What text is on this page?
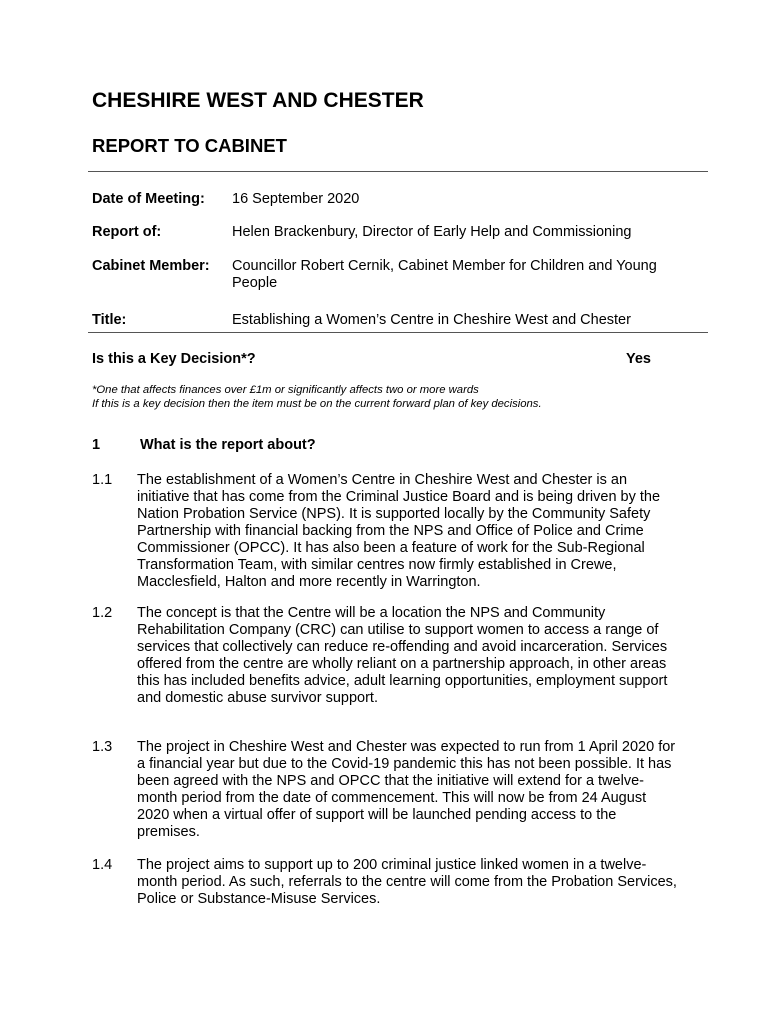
CHESHIRE WEST AND CHESTER
REPORT TO CABINET
Date of Meeting: 16 September 2020
Report of:	Helen Brackenbury, Director of Early Help and Commissioning
Cabinet Member: Councillor Robert Cernik, Cabinet Member for Children and Young People
Title:	Establishing a Women’s Centre in Cheshire West and Chester
Is this a Key Decision*?	Yes
*One that affects finances over £1m or significantly affects two or more wards
If this is a key decision then the item must be on the current forward plan of key decisions.
1	What is the report about?
1.1 The establishment of a Women’s Centre in Cheshire West and Chester is an initiative that has come from the Criminal Justice Board and is being driven by the Nation Probation Service (NPS). It is supported locally by the Community Safety Partnership with financial backing from the NPS and Office of Police and Crime Commissioner (OPCC). It has also been a feature of work for the Sub-Regional Transformation Team, with similar centres now firmly established in Crewe, Macclesfield, Halton and more recently in Warrington.
1.2 The concept is that the Centre will be a location the NPS and Community Rehabilitation Company (CRC) can utilise to support women to access a range of services that collectively can reduce re-offending and avoid incarceration. Services offered from the centre are wholly reliant on a partnership approach, in other areas this has included benefits advice, adult learning opportunities, employment support and domestic abuse survivor support.
1.3 The project in Cheshire West and Chester was expected to run from 1 April 2020 for a financial year but due to the Covid-19 pandemic this has not been possible. It has been agreed with the NPS and OPCC that the initiative will extend for a twelve-month period from the date of commencement. This will now be from 24 August 2020 when a virtual offer of support will be launched pending access to the premises.
1.4 The project aims to support up to 200 criminal justice linked women in a twelve-month period. As such, referrals to the centre will come from the Probation Services, Police or Substance-Misuse Services.
